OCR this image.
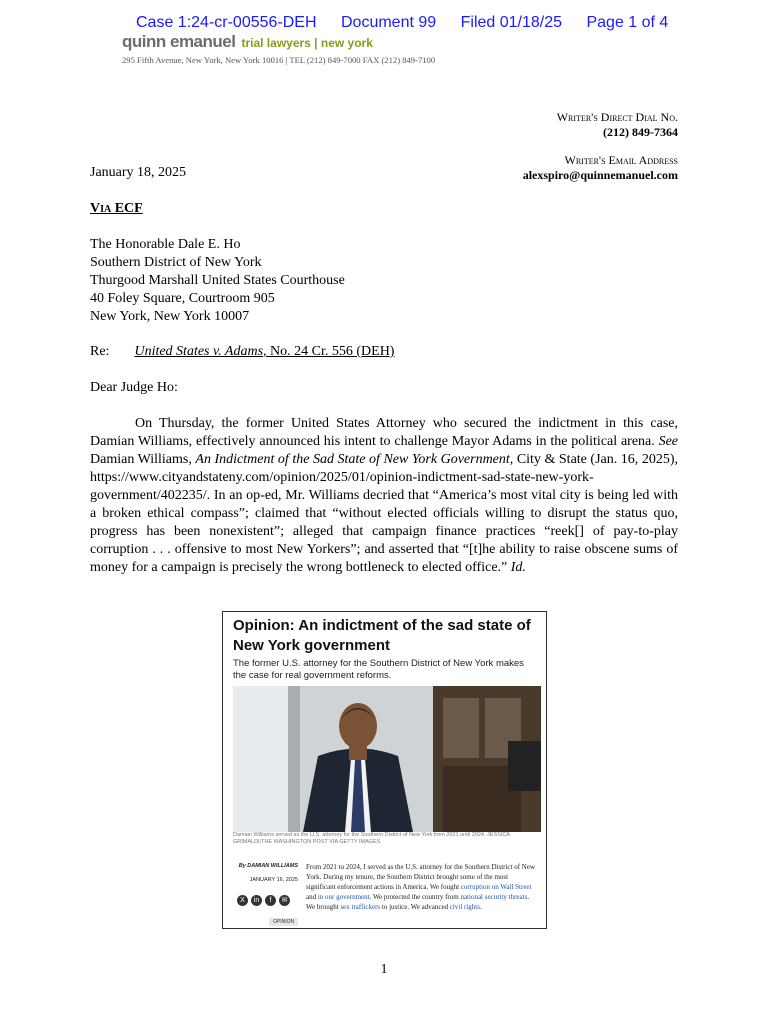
Case 1:24-cr-00556-DEH Document 99 Filed 01/18/25 Page 1 of 4
quinn emanuel trial lawyers | new york
295 Fifth Avenue, New York, New York 10016 | TEL (212) 849-7000 FAX (212) 849-7100
Writer's Direct Dial No.
(212) 849-7364
Writer's Email Address
alexspiro@quinnemanuel.com
January 18, 2025
Via ECF
The Honorable Dale E. Ho
Southern District of New York
Thurgood Marshall United States Courthouse
40 Foley Square, Courtroom 905
New York, New York 10007
Re: United States v. Adams, No. 24 Cr. 556 (DEH)
Dear Judge Ho:
On Thursday, the former United States Attorney who secured the indictment in this case, Damian Williams, effectively announced his intent to challenge Mayor Adams in the political arena. See Damian Williams, An Indictment of the Sad State of New York Government, City & State (Jan. 16, 2025), https://www.cityandstateny.com/opinion/2025/01/opinion-indictment-sad-state-new-york-government/402235/. In an op-ed, Mr. Williams decried that “America’s most vital city is being led with a broken ethical compass”; claimed that “without elected officials willing to disrupt the status quo, progress has been nonexistent”; alleged that campaign finance practices “reek[] of pay-to-play corruption . . . offensive to most New Yorkers”; and asserted that “[t]he ability to raise obscene sums of money for a campaign is precisely the wrong bottleneck to elected office.” Id.
Opinion: An indictment of the sad state of New York government
The former U.S. attorney for the Southern District of New York makes the case for real government reforms.
Damian Williams served as the U.S. attorney for the Southern District of New York from 2021 until 2024. JESSICA GRIMALDI/THE WASHINGTON POST VIA GETTY IMAGES
By DAMIAN WILLIAMS
JANUARY 16, 2025
X	in	f	✉
OPINION
From 2021 to 2024, I served as the U.S. attorney for the Southern District of New York. During my tenure, the Southern District brought some of the most significant enforcement actions in America. We fought corruption on Wall Street and in our government. We protected the country from national security threats. We brought sex traffickers to justice. We advanced civil rights.
1
